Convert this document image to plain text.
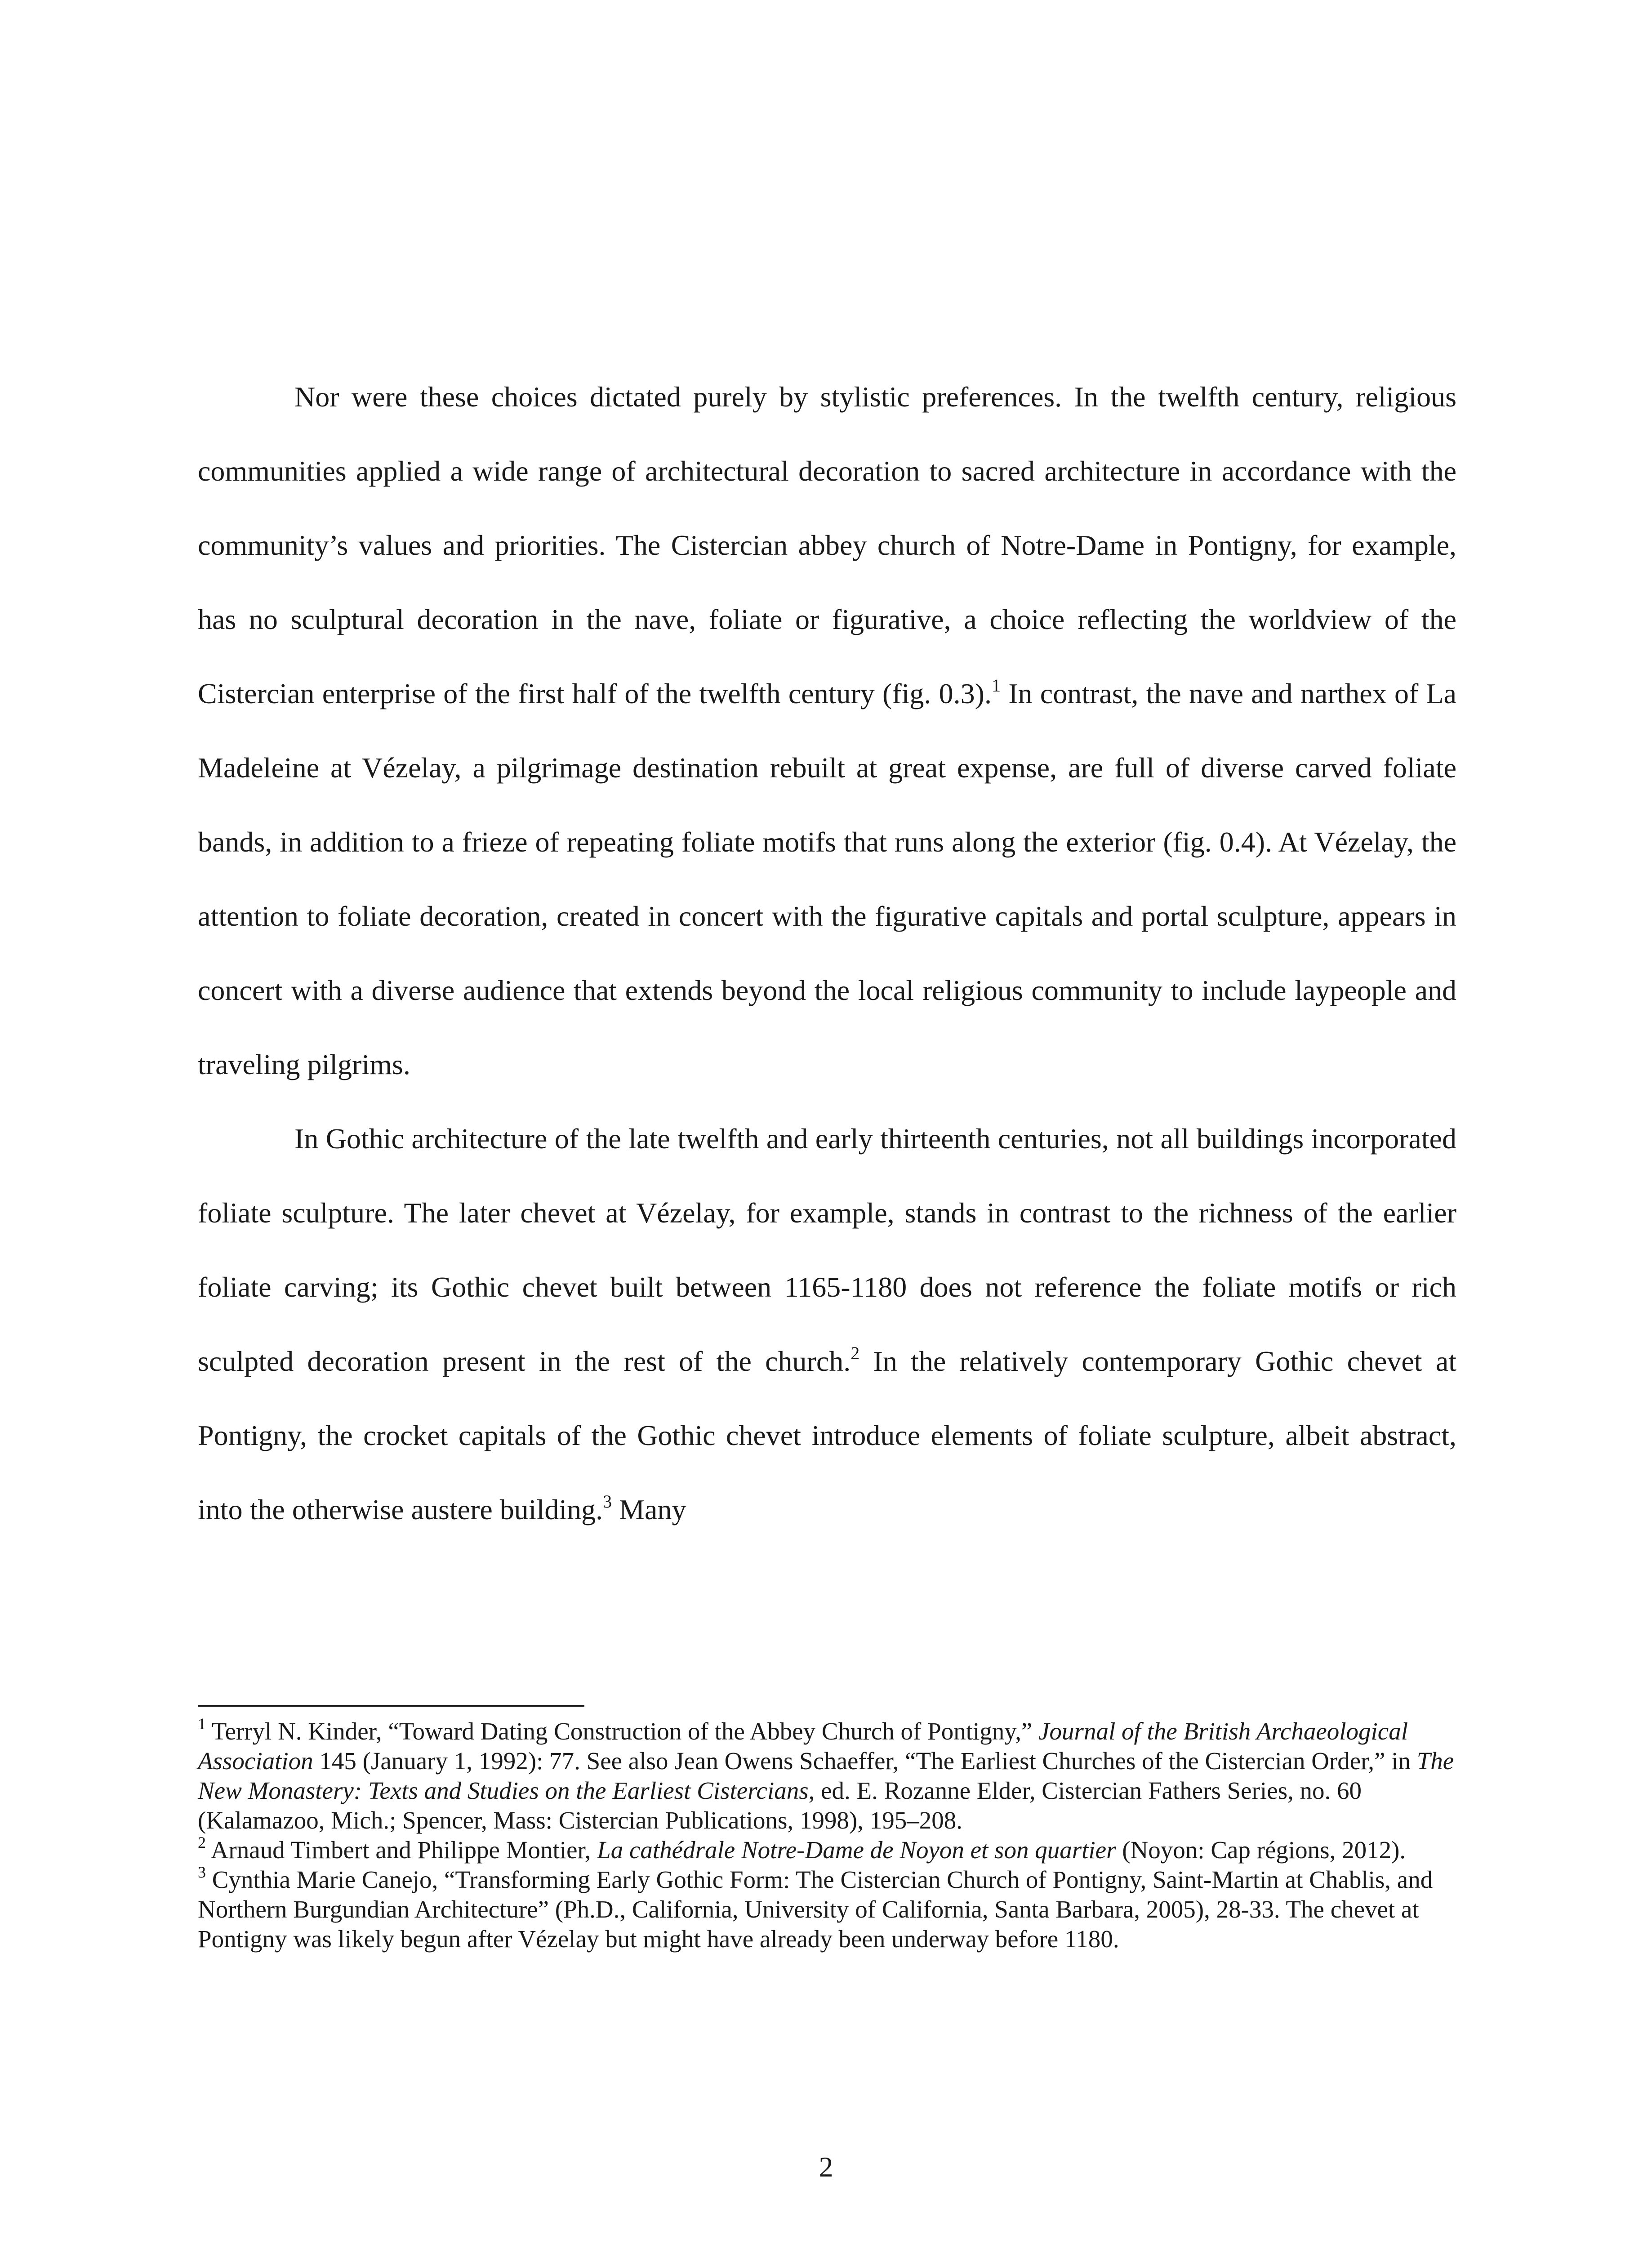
Nor were these choices dictated purely by stylistic preferences. In the twelfth century, religious communities applied a wide range of architectural decoration to sacred architecture in accordance with the community’s values and priorities. The Cistercian abbey church of Notre-Dame in Pontigny, for example, has no sculptural decoration in the nave, foliate or figurative, a choice reflecting the worldview of the Cistercian enterprise of the first half of the twelfth century (fig. 0.3).$^1$ In contrast, the nave and narthex of La Madeleine at Vézelay, a pilgrimage destination rebuilt at great expense, are full of diverse carved foliate bands, in addition to a frieze of repeating foliate motifs that runs along the exterior (fig. 0.4). At Vézelay, the attention to foliate decoration, created in concert with the figurative capitals and portal sculpture, appears in concert with a diverse audience that extends beyond the local religious community to include laypeople and traveling pilgrims.

In Gothic architecture of the late twelfth and early thirteenth centuries, not all buildings incorporated foliate sculpture. The later chevet at Vézelay, for example, stands in contrast to the richness of the earlier foliate carving; its Gothic chevet built between 1165-1180 does not reference the foliate motifs or rich sculpted decoration present in the rest of the church.$^2$ In the relatively contemporary Gothic chevet at Pontigny, the crocket capitals of the Gothic chevet introduce elements of foliate sculpture, albeit abstract, into the otherwise austere building.$^3$ Many

$^1$ Terryl N. Kinder, “Toward Dating Construction of the Abbey Church of Pontigny,” Journal of the British Archaeological Association 145 (January 1, 1992): 77. See also Jean Owens Schaeffer, “The Earliest Churches of the Cistercian Order,” in The New Monastery: Texts and Studies on the Earliest Cistercians, ed. E. Rozanne Elder, Cistercian Fathers Series, no. 60 (Kalamazoo, Mich.; Spencer, Mass: Cistercian Publications, 1998), 195–208.

$^2$ Arnaud Timbert and Philippe Montier, La cathédrale Notre-Dame de Noyon et son quartier (Noyon: Cap régions, 2012).

$^3$ Cynthia Marie Canejo, “Transforming Early Gothic Form: The Cistercian Church of Pontigny, Saint-Martin at Chablis, and Northern Burgundian Architecture” (Ph.D., California, University of California, Santa Barbara, 2005), 28-33. The chevet at Pontigny was likely begun after Vézelay but might have already been underway before 1180.

2
